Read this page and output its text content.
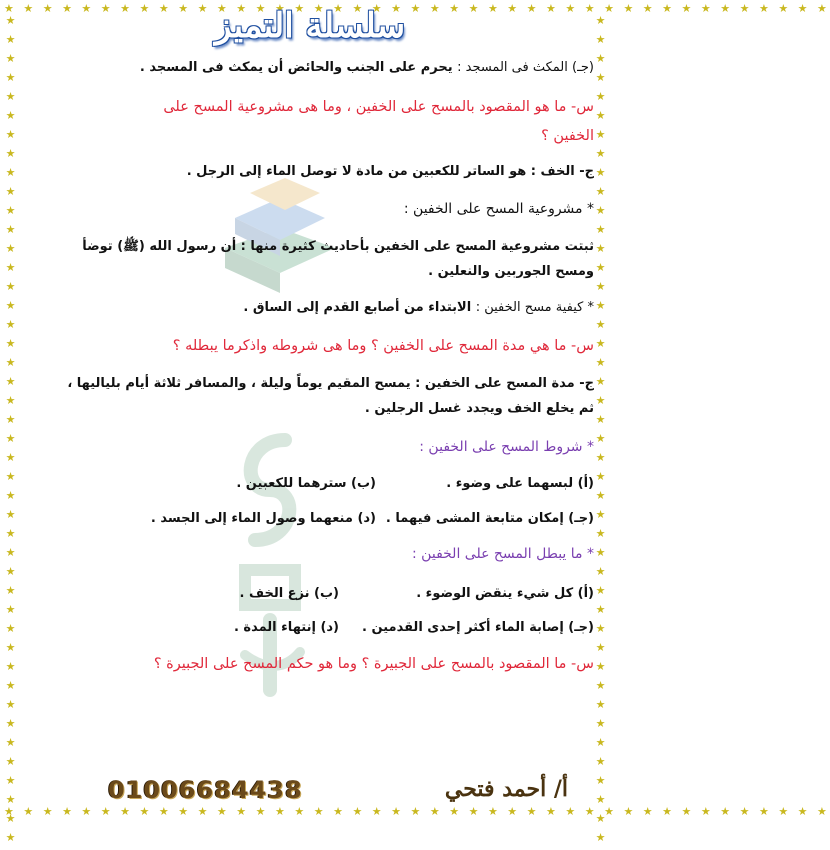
★ ★ ★ ★ ★ ★ ★ ★ ★ ★ ★ ★ ★ ★ ★ ★ ★ ★ ★ ★ ★ ★ ★ ★ ★ ★ ★ ★ ★ ★ ★ ★ ★ ★ ★ ★ ★ ★ ★ ★ ★ ★ ★
★ ★ ★ ★ ★ ★ ★ ★ ★ ★ ★ ★ ★ ★ ★ ★ ★ ★ ★ ★ ★ ★ ★ ★ ★ ★ ★ ★ ★ ★ ★ ★ ★ ★ ★ ★ ★ ★ ★ ★ ★ ★ ★
★★★★★★★★★★★★★★★★★★★★★★★★★★★★★★★★★★★★★★★★★★★★	★★★★★★★★★★★★★★★★★★★★★★★★★★★★★★★★★★★★★★★★★★★★
سلسلة التميز
(جـ) المكث فى المسجد : يحرم على الجنب والحائض أن يمكث فى المسجد .
س- ما هو المقصود بالمسح على الخفين ، وما هى مشروعية المسح على
الخفين ؟
ج- الخف : هو الساتر للكعبين من مادة لا توصل الماء إلى الرجل .
* مشروعية المسح على الخفين :
ثبتت مشروعية المسح على الخفين بأحاديث كثيرة منها : أن رسول الله (ﷺ) توضأ
ومسح الجوربين والنعلين .
* كيفية مسح الخفين : الابتداء من أصابع القدم إلى الساق .
س- ما هي مدة المسح على الخفين ؟ وما هى شروطه واذكرما يبطله ؟
ج- مدة المسح على الخفين : يمسح المقيم يوماً وليلة ، والمسافر ثلاثة أيام بلياليها ،
ثم يخلع الخف ويجدد غسل الرجلين .
* شروط المسح على الخفين :
(أ) لبسهما على وضوء .
(ب) سترهما للكعبين .
(جـ) إمكان متابعة المشى فيهما .
(د) منعهما وصول الماء إلى الجسد .
* ما يبطل المسح على الخفين :
(أ) كل شيء ينقض الوضوء .
(ب) نزع الخف .
(جـ) إصابة الماء أكثر إحدى القدمين .
(د) إنتهاء المدة .
س- ما المقصود بالمسح على الجبيرة ؟ وما هو حكم المسح على الجبيرة ؟
01006684438	أ/ أحمد فتحي
